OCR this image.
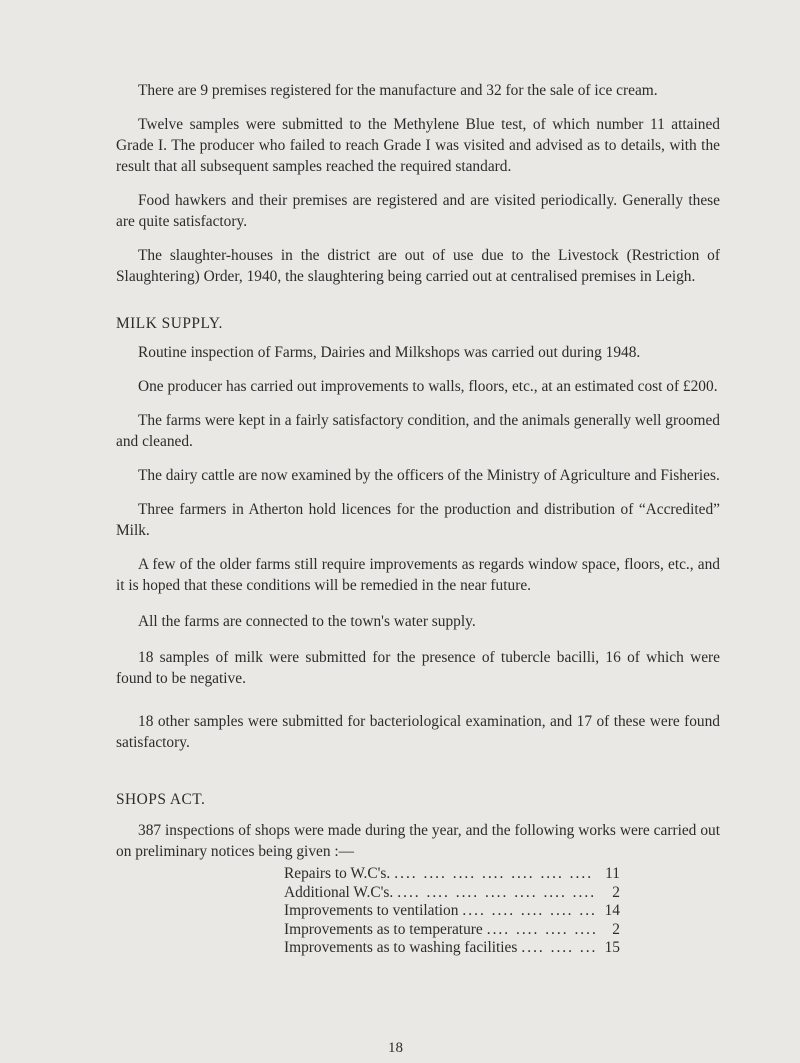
There are 9 premises registered for the manufacture and 32 for the sale of ice cream.

Twelve samples were submitted to the Methylene Blue test, of which number 11 attained Grade I. The producer who failed to reach Grade I was visited and advised as to details, with the result that all subsequent samples reached the required standard.

Food hawkers and their premises are registered and are visited periodically. Generally these are quite satisfactory.

The slaughter-houses in the district are out of use due to the Livestock (Restriction of Slaughtering) Order, 1940, the slaughtering being carried out at centralised premises in Leigh.

MILK SUPPLY.

Routine inspection of Farms, Dairies and Milkshops was carried out during 1948.

One producer has carried out improvements to walls, floors, etc., at an estimated cost of £200.

The farms were kept in a fairly satisfactory condition, and the animals generally well groomed and cleaned.

The dairy cattle are now examined by the officers of the Ministry of Agriculture and Fisheries.

Three farmers in Atherton hold licences for the production and distribution of “Accredited” Milk.

A few of the older farms still require improvements as regards window space, floors, etc., and it is hoped that these conditions will be remedied in the near future.

All the farms are connected to the town's water supply.

18 samples of milk were submitted for the presence of tubercle bacilli, 16 of which were found to be negative.

18 other samples were submitted for bacteriological examination, and 17 of these were found satisfactory.

SHOPS ACT.

387 inspections of shops were made during the year, and the following works were carried out on preliminary notices being given :—

Repairs to W.C's. ....	11
Additional W.C's. ....	2
Improvements to ventilation ....	14
Improvements as to temperature ....	2
Improvements as to washing facilities ....	15
18
